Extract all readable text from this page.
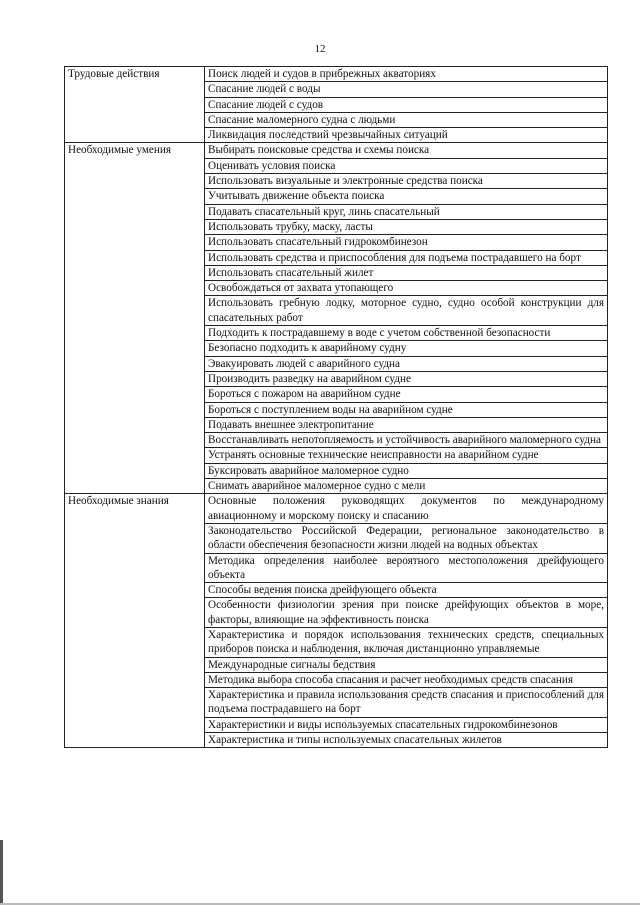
12
Трудовые действия	Поиск людей и судов в прибрежных акваториях
	Спасание людей с воды
	Спасание людей с судов
	Спасание маломерного судна с людьми
	Ликвидация последствий чрезвычайных ситуаций
Необходимые умения	Выбирать поисковые средства и схемы поиска
	Оценивать условия поиска
	Использовать визуальные и электронные средства поиска
	Учитывать движение объекта поиска
	Подавать спасательный круг, линь спасательный
	Использовать трубку, маску, ласты
	Использовать спасательный гидрокомбинезон
	Использовать средства и приспособления для подъема пострадавшего на борт
	Использовать спасательный жилет
	Освобождаться от захвата утопающего
	Использовать гребную лодку, моторное судно, судно особой конструкции для спасательных работ
	Подходить к пострадавшему в воде с учетом собственной безопасности
	Безопасно подходить к аварийному судну
	Эвакуировать людей с аварийного судна
	Производить разведку на аварийном судне
	Бороться с пожаром на аварийном судне
	Бороться с поступлением воды на аварийном судне
	Подавать внешнее электропитание
	Восстанавливать непотопляемость и устойчивость аварийного маломерного судна
	Устранять основные технические неисправности на аварийном судне
	Буксировать аварийное маломерное судно
	Снимать аварийное маломерное судно с мели
Необходимые знания	Основные положения руководящих документов по международному авиационному и морскому поиску и спасанию
	Законодательство Российской Федерации, региональное законодательство в области обеспечения безопасности жизни людей на водных объектах
	Методика определения наиболее вероятного местоположения дрейфующего объекта
	Способы ведения поиска дрейфующего объекта
	Особенности физиологии зрения при поиске дрейфующих объектов в море, факторы, влияющие на эффективность поиска
	Характеристика и порядок использования технических средств, специальных приборов поиска и наблюдения, включая дистанционно управляемые
	Международные сигналы бедствия
	Методика выбора способа спасания и расчет необходимых средств спасания
	Характеристика и правила использования средств спасания и приспособлений для подъема пострадавшего на борт
	Характеристики и виды используемых спасательных гидрокомбинезонов
	Характеристика и типы используемых спасательных жилетов
